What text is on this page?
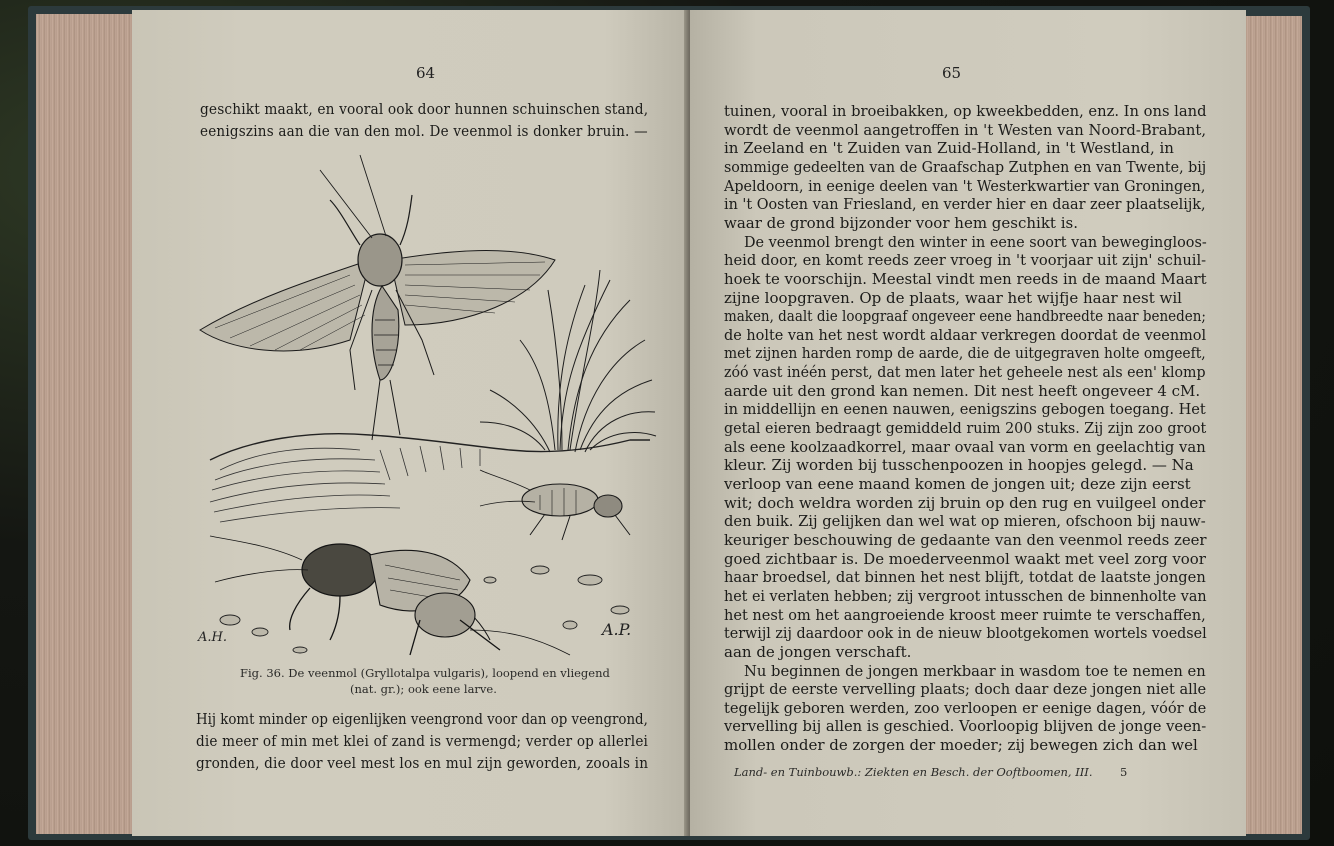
64
geschikt maakt, en vooral ook door hunnen schuinschen stand,
eenigszins aan die van den mol. De veenmol is donker bruin. —
A.H.	A.P.
Fig. 36. De veenmol (Gryllotalpa vulgaris), loopend en vliegend
(nat. gr.); ook eene larve.
Hij komt minder op eigenlijken veengrond voor dan op veengrond,
die meer of min met klei of zand is vermengd; verder op allerlei
gronden, die door veel mest los en mul zijn geworden, zooals in
65
tuinen, vooral in broeibakken, op kweekbedden, enz. In ons land
wordt de veenmol aangetroffen in 't Westen van Noord-Brabant,
in Zeeland en 't Zuiden van Zuid-Holland, in 't Westland, in
sommige gedeelten van de Graafschap Zutphen en van Twente, bij
Apeldoorn, in eenige deelen van 't Westerkwartier van Groningen,
in 't Oosten van Friesland, en verder hier en daar zeer plaatselijk,
waar de grond bijzonder voor hem geschikt is.
De veenmol brengt den winter in eene soort van bewegingloos-
heid door, en komt reeds zeer vroeg in 't voorjaar uit zijn' schuil-
hoek te voorschijn. Meestal vindt men reeds in de maand Maart
zijne loopgraven. Op de plaats, waar het wijfje haar nest wil
maken, daalt die loopgraaf ongeveer eene handbreedte naar beneden;
de holte van het nest wordt aldaar verkregen doordat de veenmol
met zijnen harden romp de aarde, die de uitgegraven holte omgeeft,
zóó vast inéén perst, dat men later het geheele nest als een' klomp
aarde uit den grond kan nemen. Dit nest heeft ongeveer 4 cM.
in middellijn en eenen nauwen, eenigszins gebogen toegang. Het
getal eieren bedraagt gemiddeld ruim 200 stuks. Zij zijn zoo groot
als eene koolzaadkorrel, maar ovaal van vorm en geelachtig van
kleur. Zij worden bij tusschenpoozen in hoopjes gelegd. — Na
verloop van eene maand komen de jongen uit; deze zijn eerst
wit; doch weldra worden zij bruin op den rug en vuilgeel onder
den buik. Zij gelijken dan wel wat op mieren, ofschoon bij nauw-
keuriger beschouwing de gedaante van den veenmol reeds zeer
goed zichtbaar is. De moederveenmol waakt met veel zorg voor
haar broedsel, dat binnen het nest blijft, totdat de laatste jongen
het ei verlaten hebben; zij vergroot intusschen de binnenholte van
het nest om het aangroeiende kroost meer ruimte te verschaffen,
terwijl zij daardoor ook in de nieuw blootgekomen wortels voedsel
aan de jongen verschaft.
Nu beginnen de jongen merkbaar in wasdom toe te nemen en
grijpt de eerste vervelling plaats; doch daar deze jongen niet alle
tegelijk geboren werden, zoo verloopen er eenige dagen, vóór de
vervelling bij allen is geschied. Voorloopig blijven de jonge veen-
mollen onder de zorgen der moeder; zij bewegen zich dan wel
Land- en Tuinbouwb.: Ziekten en Besch. der Ooftboomen, III. 5
